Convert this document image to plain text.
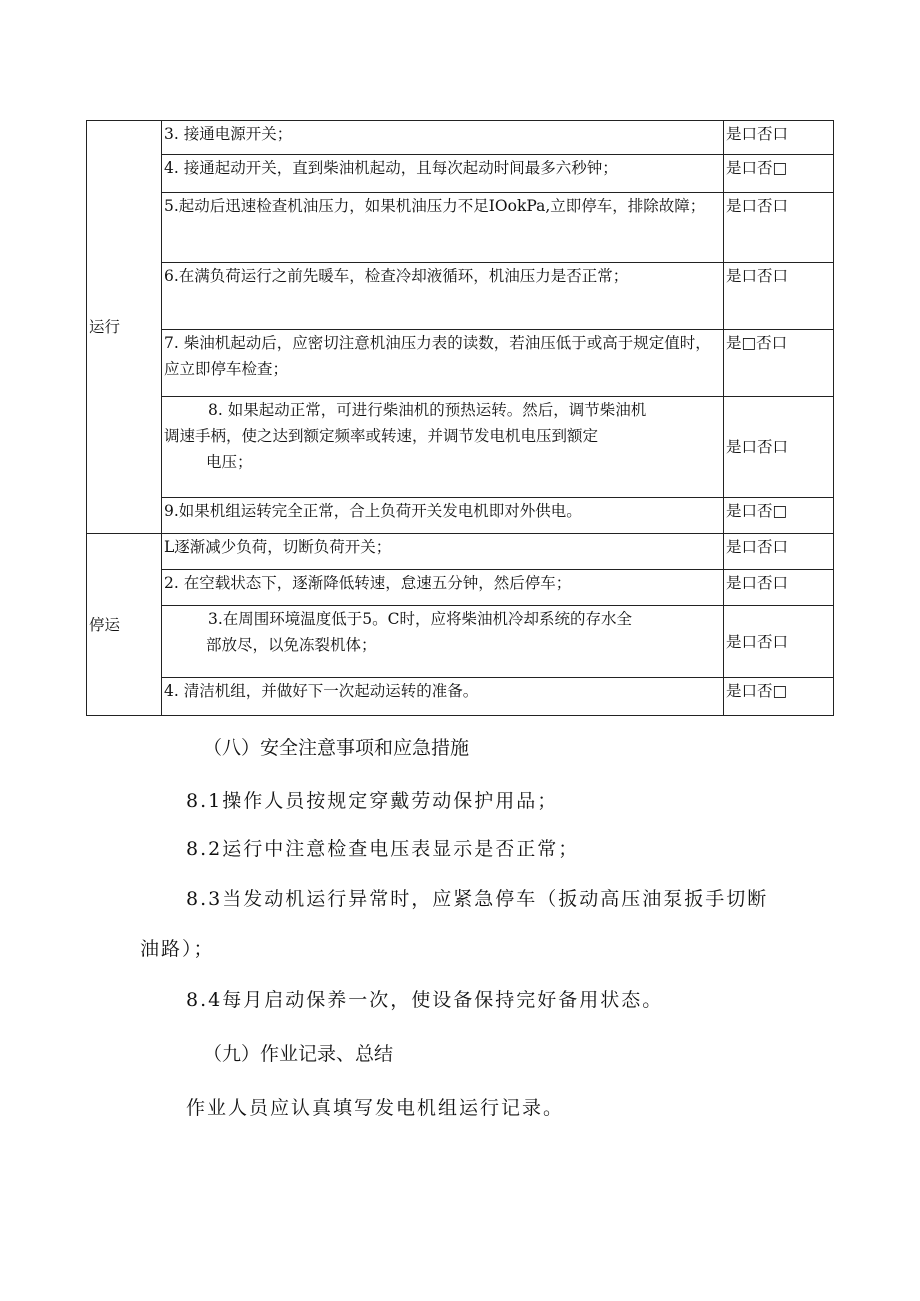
运行	3. 接通电源开关；	是口否口
	4. 接通起动开关，直到柴油机起动，且每次起动时间最多六秒钟；	是口否□
	5.起动后迅速检查机油压力，如果机油压力不足IOokPa,立即停车，排除故障；	是口否口
	6.在满负荷运行之前先暖车，检查冷却液循环，机油压力是否正常；	是口否口
	7. 柴油机起动后，应密切注意机油压力表的读数，若油压低于或高于规定值时，应立即停车检查；	是□否口

	8. 如果起动正常，可进行柴油机的预热运转。然后，调节柴油机
调速手柄，使之达到额定频率或转速，并调节发电机电压到额定
电压；	是口否口
	9.如果机组运转完全正常，合上负荷开关发电机即对外供电。	是口否□
停运	L逐渐减少负荷，切断负荷开关；	是口否口
	2. 在空载状态下，逐渐降低转速，怠速五分钟，然后停车；	是口否口

	3.在周围环境温度低于5。C时，应将柴油机冷却系统的存水全
部放尽，以免冻裂机体；	是口否口
	4. 清洁机组，并做好下一次起动运转的准备。	是口否□
（八）安全注意事项和应急措施

8.1操作人员按规定穿戴劳动保护用品；

8.2运行中注意检查电压表显示是否正常；

8.3当发动机运行异常时，应紧急停车（扳动高压油泵扳手切断

油路）；

8.4每月启动保养一次，使设备保持完好备用状态。

（九）作业记录、总结

作业人员应认真填写发电机组运行记录。
